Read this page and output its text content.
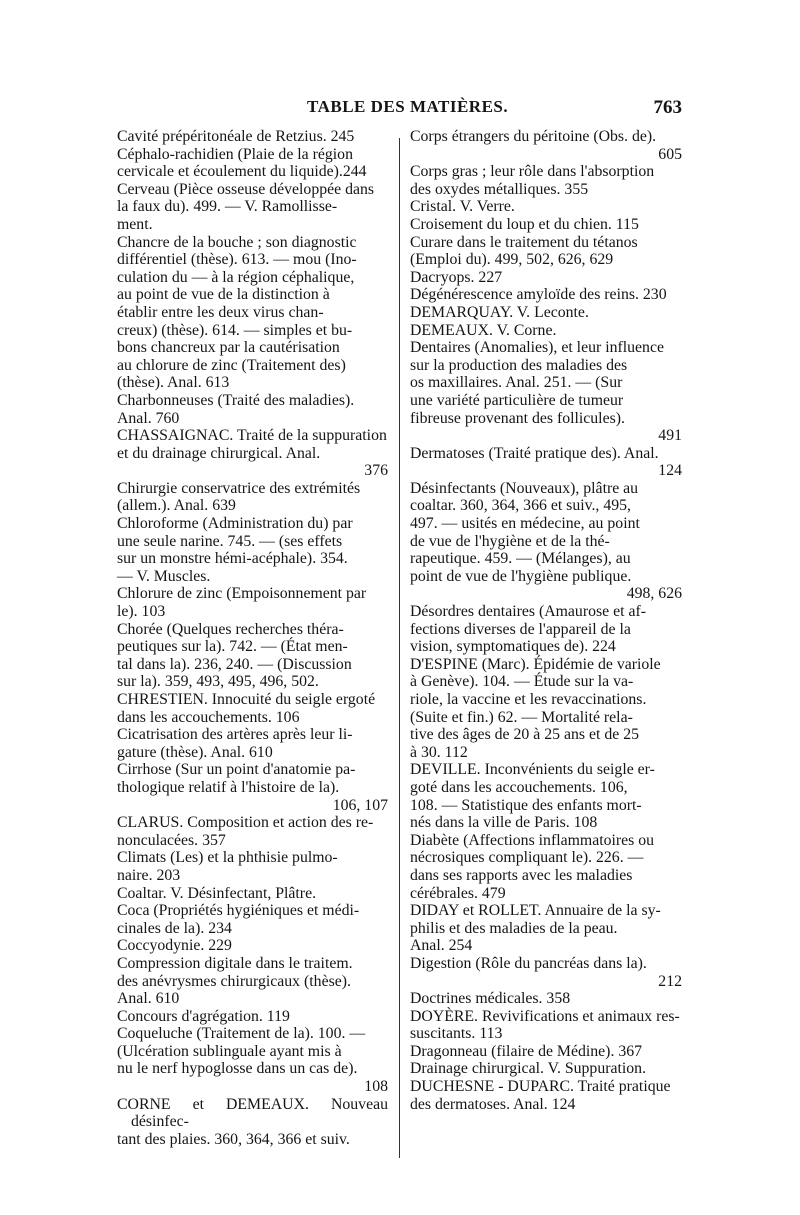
TABLE DES MATIÈRES.	763
Cavité prépéritonéale de Retzius. 245
Céphalo-rachidien (Plaie de la région
cervicale et écoulement du liquide).244
Cerveau (Pièce osseuse développée dans
la faux du). 499. — V. Ramollisse-
ment.
Chancre de la bouche ; son diagnostic
différentiel (thèse). 613. — mou (Ino-
culation du — à la région céphalique,
au point de vue de la distinction à
établir entre les deux virus chan-
creux) (thèse). 614. — simples et bu-
bons chancreux par la cautérisation
au chlorure de zinc (Traitement des)
(thèse). Anal. 613
Charbonneuses (Traité des maladies).
Anal. 760
CHASSAIGNAC. Traité de la suppuration
et du drainage chirurgical. Anal.
376
Chirurgie conservatrice des extrémités
(allem.). Anal. 639
Chloroforme (Administration du) par
une seule narine. 745. — (ses effets
sur un monstre hémi-acéphale). 354.
— V. Muscles.
Chlorure de zinc (Empoisonnement par
le). 103
Chorée (Quelques recherches théra-
peutiques sur la). 742. — (État men-
tal dans la). 236, 240. — (Discussion
sur la). 359, 493, 495, 496, 502.
CHRESTIEN. Innocuité du seigle ergoté
dans les accouchements. 106
Cicatrisation des artères après leur li-
gature (thèse). Anal. 610
Cirrhose (Sur un point d'anatomie pa-
thologique relatif à l'histoire de la).
106, 107
CLARUS. Composition et action des re-
nonculacées. 357
Climats (Les) et la phthisie pulmo-
naire. 203
Coaltar. V. Désinfectant, Plâtre.
Coca (Propriétés hygiéniques et médi-
cinales de la). 234
Coccyodynie. 229
Compression digitale dans le traitem.
des anévrysmes chirurgicaux (thèse).
Anal. 610
Concours d'agrégation. 119
Coqueluche (Traitement de la). 100. —
(Ulcération sublinguale ayant mis à
nu le nerf hypoglosse dans un cas de).
108
CORNE et DEMEAUX. Nouveau désinfec-
tant des plaies. 360, 364, 366 et suiv.
Corps étrangers du péritoine (Obs. de).
605
Corps gras ; leur rôle dans l'absorption
des oxydes métalliques. 355
Cristal. V. Verre.
Croisement du loup et du chien. 115
Curare dans le traitement du tétanos
(Emploi du). 499, 502, 626, 629
Dacryops. 227
Dégénérescence amyloïde des reins. 230
DEMARQUAY. V. Leconte.
DEMEAUX. V. Corne.
Dentaires (Anomalies), et leur influence
sur la production des maladies des
os maxillaires. Anal. 251. — (Sur
une variété particulière de tumeur
fibreuse provenant des follicules).
491
Dermatoses (Traité pratique des). Anal.
124
Désinfectants (Nouveaux), plâtre au
coaltar. 360, 364, 366 et suiv., 495,
497. — usités en médecine, au point
de vue de l'hygiène et de la thé-
rapeutique. 459. — (Mélanges), au
point de vue de l'hygiène publique.
498, 626
Désordres dentaires (Amaurose et af-
fections diverses de l'appareil de la
vision, symptomatiques de). 224
D'ESPINE (Marc). Épidémie de variole
à Genève). 104. — Étude sur la va-
riole, la vaccine et les revaccinations.
(Suite et fin.) 62. — Mortalité rela-
tive des âges de 20 à 25 ans et de 25
à 30. 112
DEVILLE. Inconvénients du seigle er-
goté dans les accouchements. 106,
108. — Statistique des enfants mort-
nés dans la ville de Paris. 108
Diabète (Affections inflammatoires ou
nécrosiques compliquant le). 226. —
dans ses rapports avec les maladies
cérébrales. 479
DIDAY et ROLLET. Annuaire de la sy-
philis et des maladies de la peau.
Anal. 254
Digestion (Rôle du pancréas dans la).
212
Doctrines médicales. 358
DOYÈRE. Revivifications et animaux res-
suscitants. 113
Dragonneau (filaire de Médine). 367
Drainage chirurgical. V. Suppuration.
DUCHESNE - DUPARC. Traité pratique
des dermatoses. Anal. 124
